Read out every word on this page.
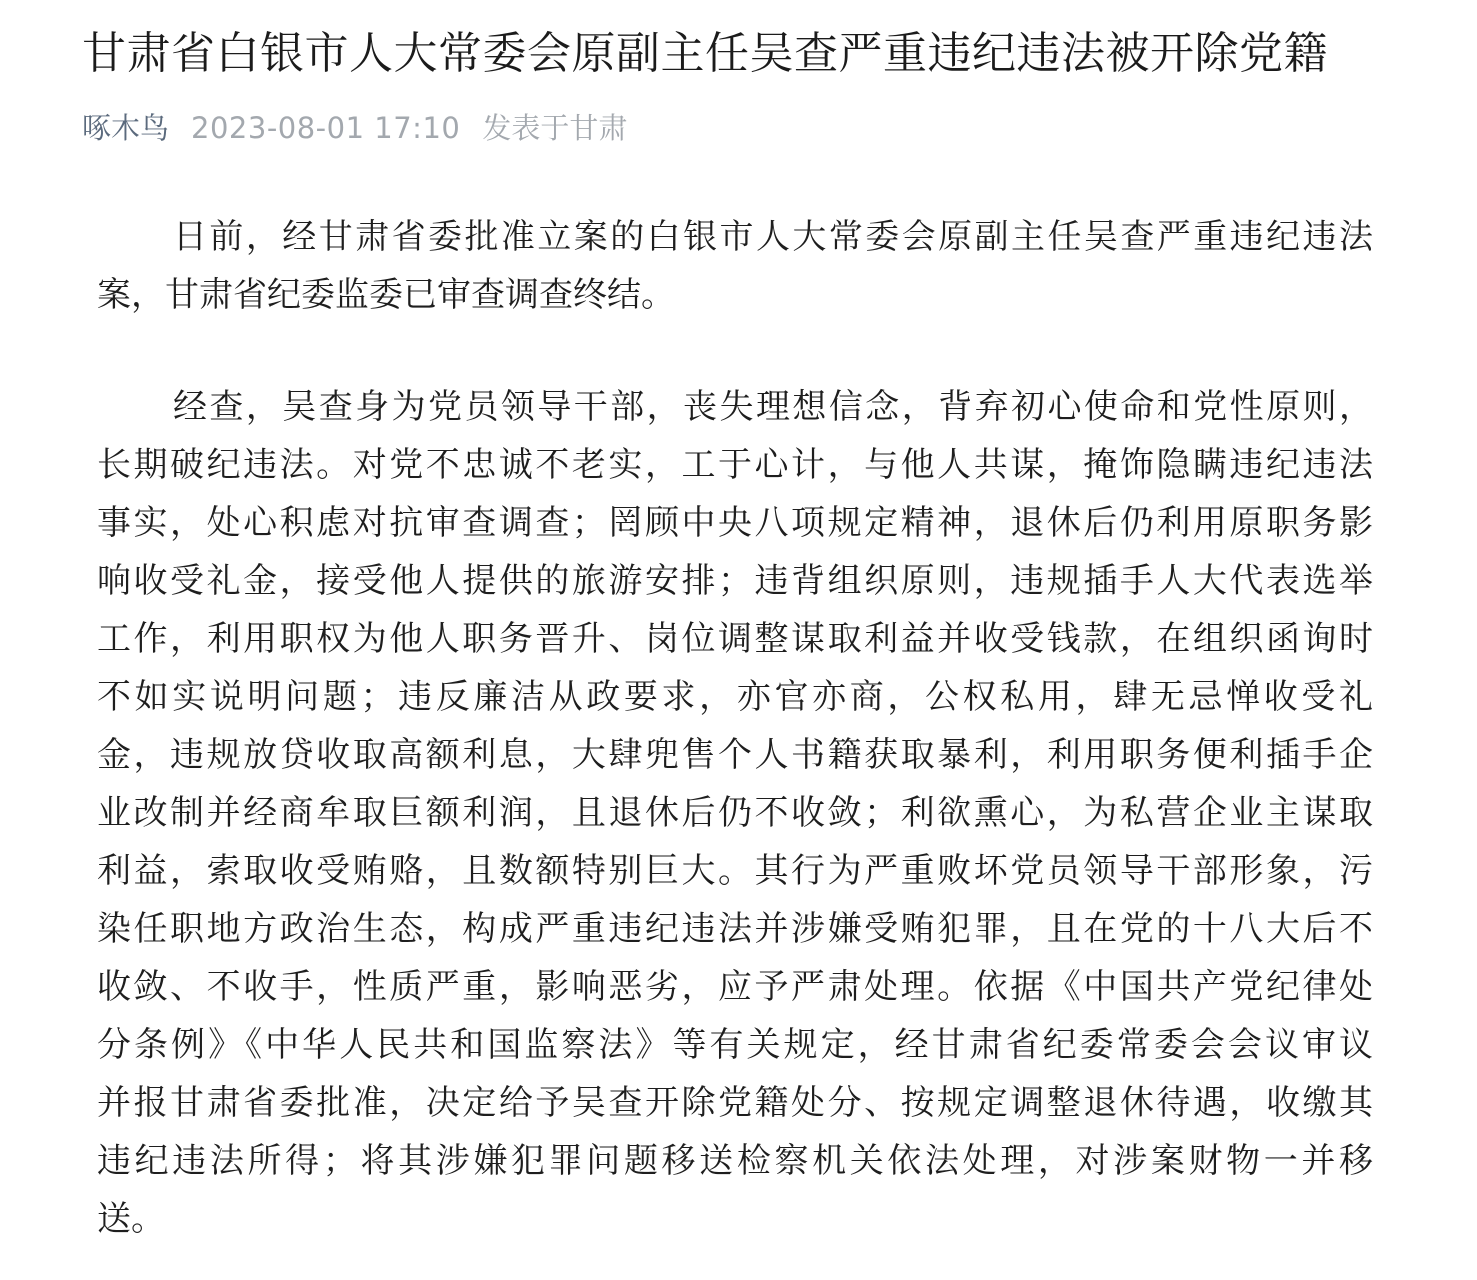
甘肃省白银市人大常委会原副主任吴查严重违纪违法被开除党籍
啄木鸟 2023-08-01 17:10 发表于甘肃

日前，经甘肃省委批准立案的白银市人大常委会原副主任吴查严重违纪违法
案，甘肃省纪委监委已审查调查终结。

经查，吴查身为党员领导干部，丧失理想信念，背弃初心使命和党性原则，
长期破纪违法。对党不忠诚不老实，工于心计，与他人共谋，掩饰隐瞒违纪违法
事实，处心积虑对抗审查调查；罔顾中央八项规定精神，退休后仍利用原职务影
响收受礼金，接受他人提供的旅游安排；违背组织原则，违规插手人大代表选举
工作，利用职权为他人职务晋升、岗位调整谋取利益并收受钱款，在组织函询时
不如实说明问题；违反廉洁从政要求，亦官亦商，公权私用，肆无忌惮收受礼
金，违规放贷收取高额利息，大肆兜售个人书籍获取暴利，利用职务便利插手企
业改制并经商牟取巨额利润，且退休后仍不收敛；利欲熏心，为私营企业主谋取
利益，索取收受贿赂，且数额特别巨大。其行为严重败坏党员领导干部形象，污
染任职地方政治生态，构成严重违纪违法并涉嫌受贿犯罪，且在党的十八大后不
收敛、不收手，性质严重，影响恶劣，应予严肃处理。依据《中国共产党纪律处
分条例》《中华人民共和国监察法》等有关规定，经甘肃省纪委常委会会议审议
并报甘肃省委批准，决定给予吴查开除党籍处分、按规定调整退休待遇，收缴其
违纪违法所得；将其涉嫌犯罪问题移送检察机关依法处理，对涉案财物一并移
送。
